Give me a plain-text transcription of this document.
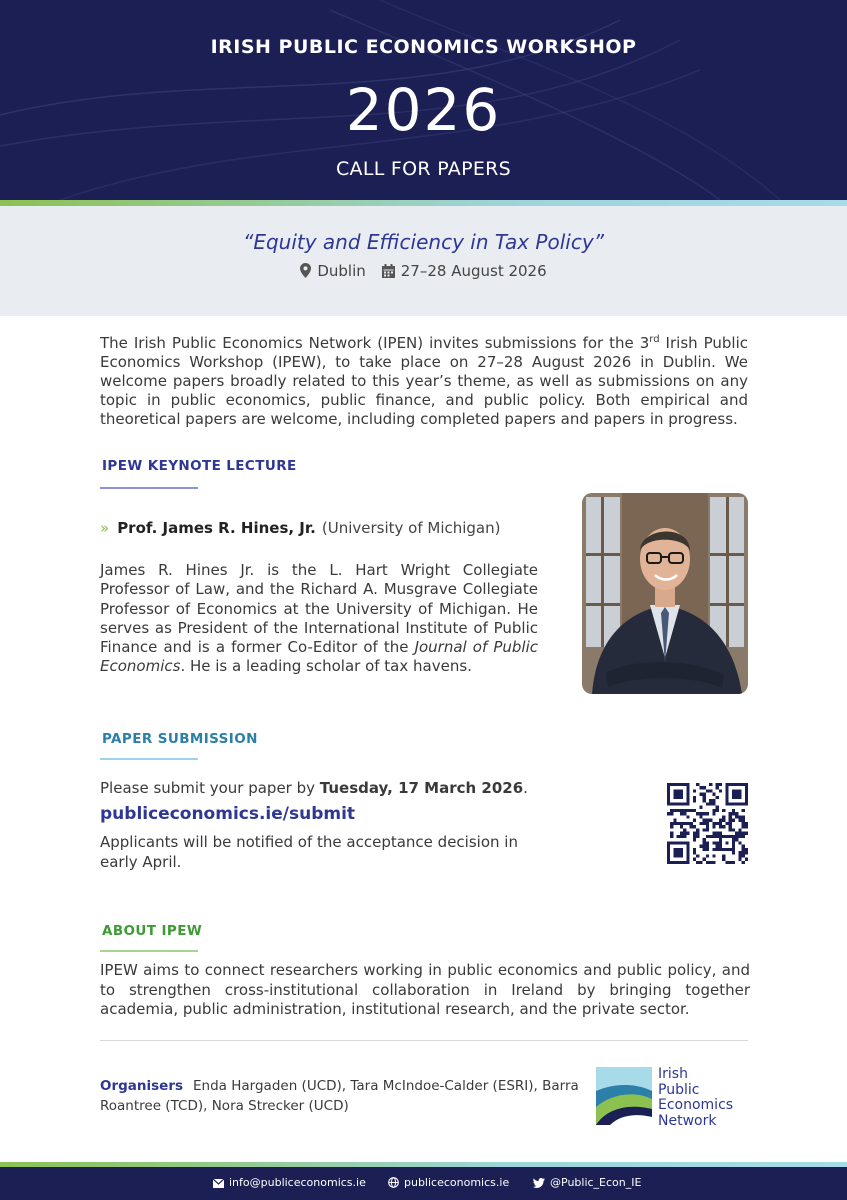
IRISH PUBLIC ECONOMICS WORKSHOP
2026
CALL FOR PAPERS
“Equity and Efficiency in Tax Policy”
Dublin 27–28 August 2026
The Irish Public Economics Network (IPEN) invites submissions for the 3rd Irish Public Economics Workshop (IPEW), to take place on 27–28 August 2026 in Dublin. We welcome papers broadly related to this year’s theme, as well as submissions on any topic in public economics, public finance, and public policy. Both empirical and theoretical papers are welcome, including completed papers and papers in progress.
IPEW KEYNOTE LECTURE
» Prof. James R. Hines, Jr. (University of Michigan)
James R. Hines Jr. is the L. Hart Wright Collegiate Professor of Law, and the Richard A. Musgrave Collegiate Professor of Economics at the University of Michigan. He serves as President of the International Institute of Public Finance and is a former Co-Editor of the Journal of Public Economics. He is a leading scholar of tax havens.
PAPER SUBMISSION
Please submit your paper by Tuesday, 17 March 2026.
publiceconomics.ie/submit
Applicants will be notified of the acceptance decision in early April.
ABOUT IPEW
IPEW aims to connect researchers working in public economics and public policy, and to strengthen cross-institutional collaboration in Ireland by bringing together academia, public administration, institutional research, and the private sector.
Organisers Enda Hargaden (UCD), Tara McIndoe-Calder (ESRI), Barra Roantree (TCD), Nora Strecker (UCD)
Irish
Public
Economics
Network
info@publiceconomics.ie	publiceconomics.ie	@Public_Econ_IE
